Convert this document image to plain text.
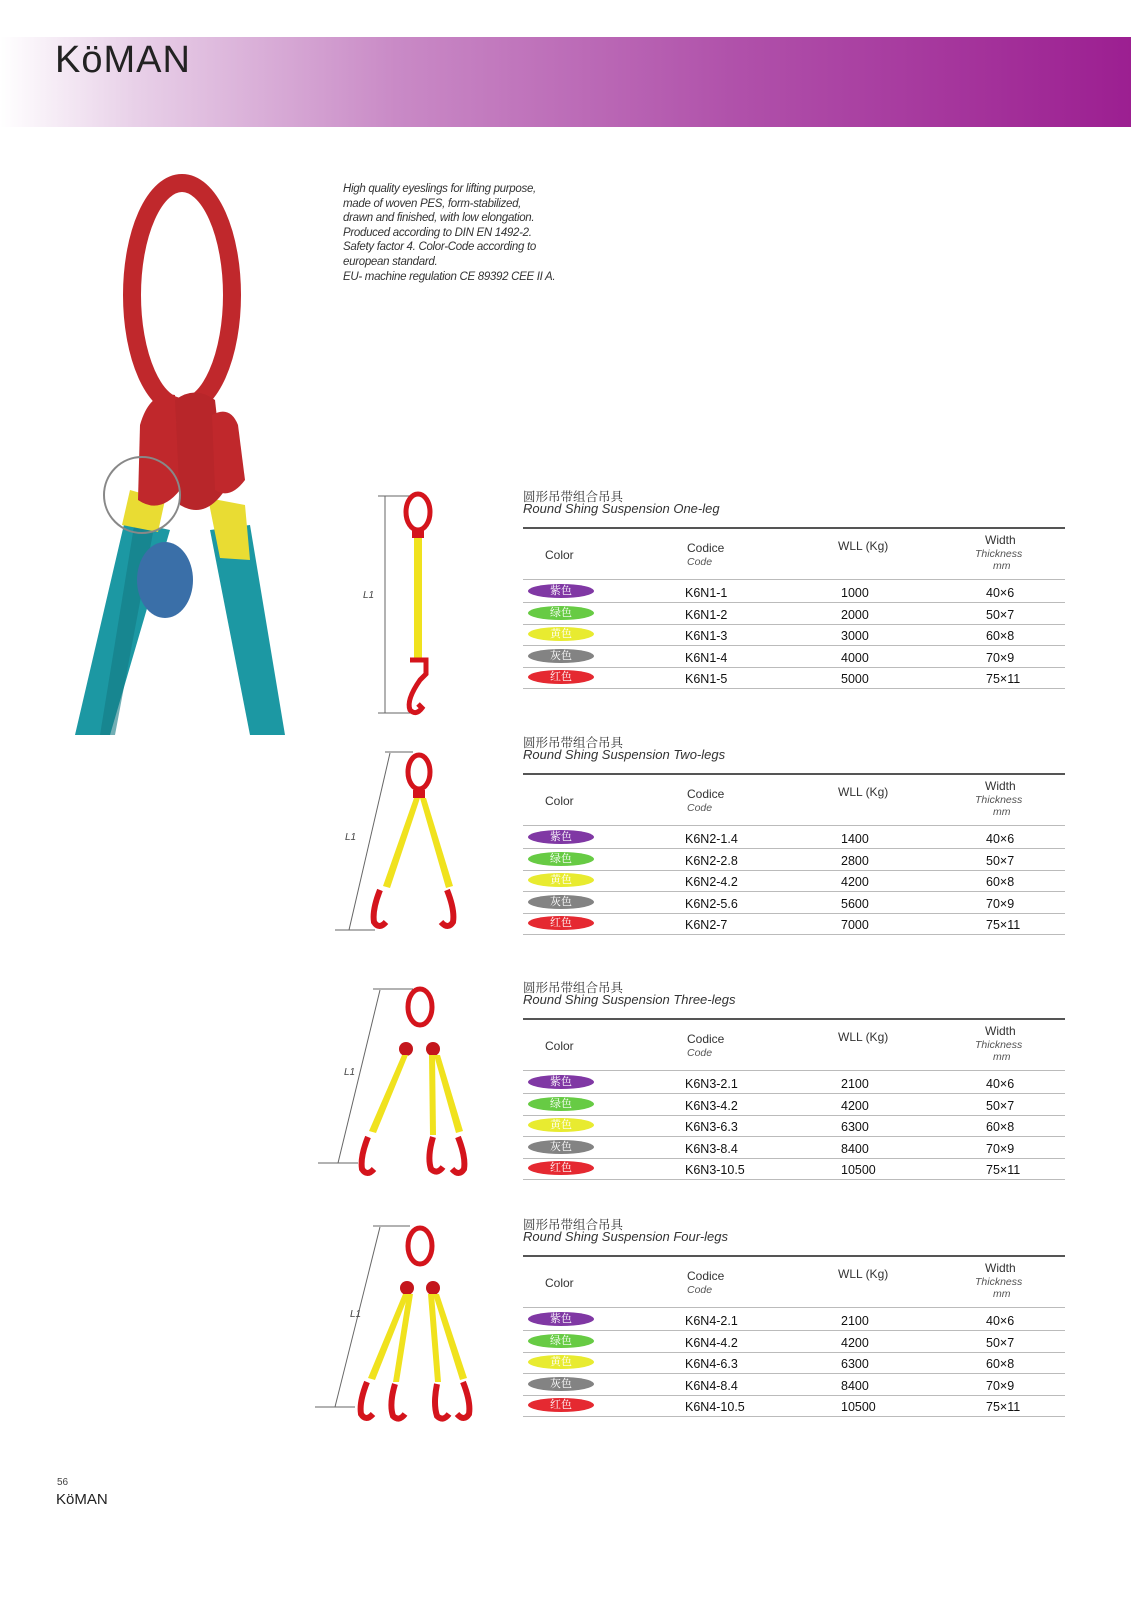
KöMAN
High quality eyeslings for lifting purpose,
made of woven PES, form-stabilized,
drawn and finished, with low elongation.
Produced according to DIN EN 1492-2.
Safety factor 4. Color-Code according to
european standard.
EU- machine regulation CE 89392 CEE II A.
L1
L1
L1
L1
圆形吊带组合吊具
Round Shing Suspension One-leg
Color	Codice
Code
WLL (Kg)	Width
Thickness
mm
紫色	K6N1-1	1000	40×6
绿色	K6N1-2	2000	50×7
黄色	K6N1-3	3000	60×8
灰色	K6N1-4	4000	70×9
红色	K6N1-5	5000	75×11
圆形吊带组合吊具
Round Shing Suspension Two-legs
Color	Codice
Code
WLL (Kg)	Width
Thickness
mm
紫色	K6N2-1.4	1400	40×6
绿色	K6N2-2.8	2800	50×7
黄色	K6N2-4.2	4200	60×8
灰色	K6N2-5.6	5600	70×9
红色	K6N2-7	7000	75×11
圆形吊带组合吊具
Round Shing Suspension Three-legs
Color	Codice
Code
WLL (Kg)	Width
Thickness
mm
紫色	K6N3-2.1	2100	40×6
绿色	K6N3-4.2	4200	50×7
黄色	K6N3-6.3	6300	60×8
灰色	K6N3-8.4	8400	70×9
红色	K6N3-10.5	10500	75×11
圆形吊带组合吊具
Round Shing Suspension Four-legs
Color	Codice
Code
WLL (Kg)	Width
Thickness
mm
紫色	K6N4-2.1	2100	40×6
绿色	K6N4-4.2	4200	50×7
黄色	K6N4-6.3	6300	60×8
灰色	K6N4-8.4	8400	70×9
红色	K6N4-10.5	10500	75×11
56
KöMAN
